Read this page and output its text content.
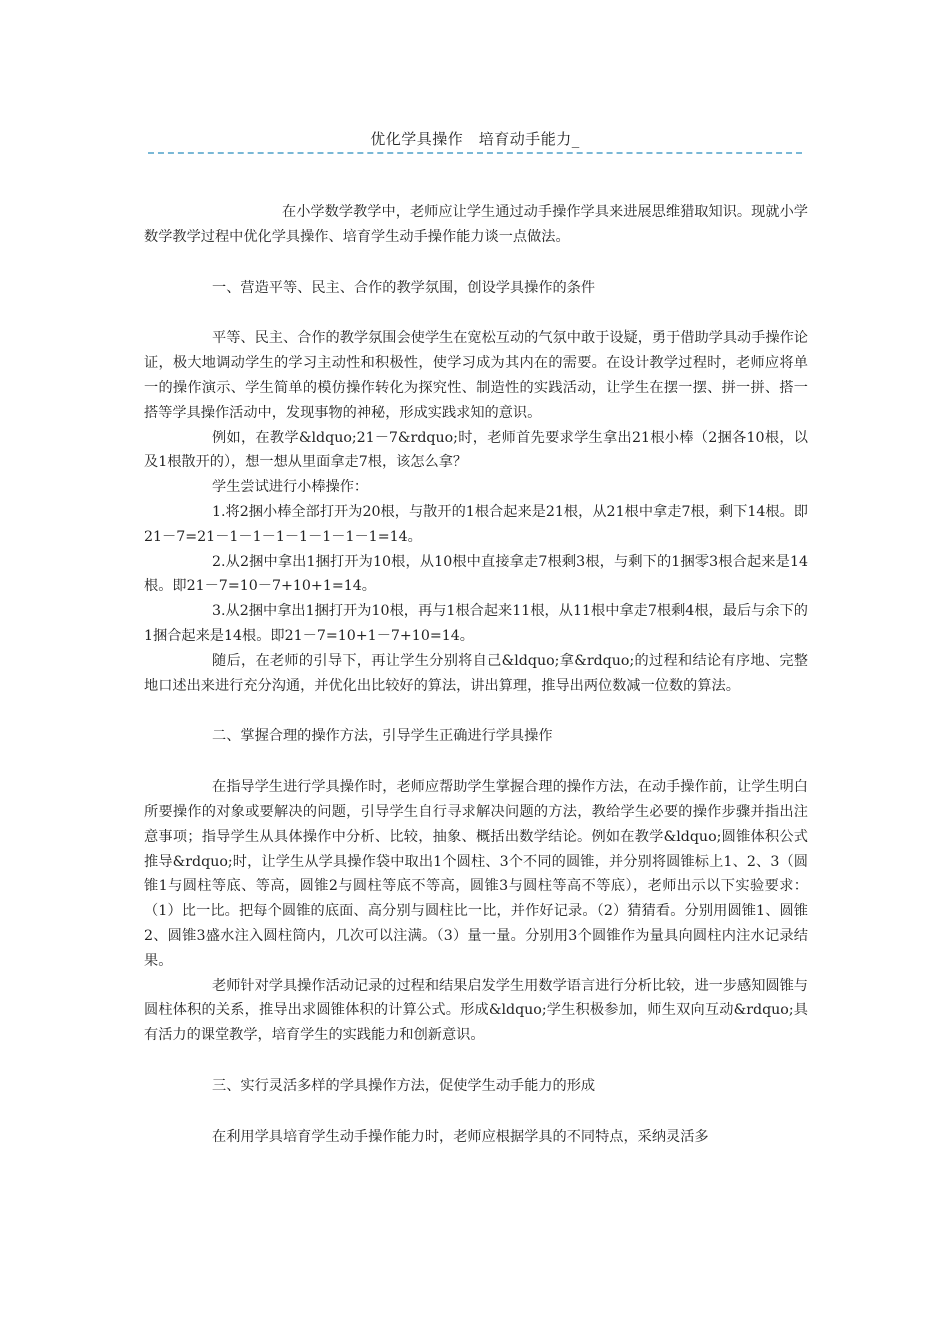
优化学具操作　培育动手能力_

在小学数学教学中，老师应让学生通过动手操作学具来进展思维猎取知识。现就小学数学教学过程中优化学具操作、培育学生动手操作能力谈一点做法。

一、营造平等、民主、合作的教学氛围，创设学具操作的条件

平等、民主、合作的教学氛围会使学生在宽松互动的气氛中敢于设疑，勇于借助学具动手操作论证，极大地调动学生的学习主动性和积极性，使学习成为其内在的需要。在设计教学过程时，老师应将单一的操作演示、学生简单的模仿操作转化为探究性、制造性的实践活动，让学生在摆一摆、拼一拼、搭一搭等学具操作活动中，发现事物的神秘，形成实践求知的意识。

例如，在教学&ldquo;21－7&rdquo;时，老师首先要求学生拿出21根小棒（2捆各10根，以及1根散开的），想一想从里面拿走7根，该怎么拿？

学生尝试进行小棒操作：

1.将2捆小棒全部打开为20根，与散开的1根合起来是21根，从21根中拿走7根，剩下14根。即21－7=21－1－1－1－1－1－1－1=14。

2.从2捆中拿出1捆打开为10根，从10根中直接拿走7根剩3根，与剩下的1捆零3根合起来是14根。即21－7=10－7+10+1=14。

3.从2捆中拿出1捆打开为10根，再与1根合起来11根，从11根中拿走7根剩4根，最后与余下的1捆合起来是14根。即21－7=10+1－7+10=14。

随后，在老师的引导下，再让学生分别将自己&ldquo;拿&rdquo;的过程和结论有序地、完整地口述出来进行充分沟通，并优化出比较好的算法，讲出算理，推导出两位数减一位数的算法。

二、掌握合理的操作方法，引导学生正确进行学具操作

在指导学生进行学具操作时，老师应帮助学生掌握合理的操作方法，在动手操作前，让学生明白所要操作的对象或要解决的问题，引导学生自行寻求解决问题的方法，教给学生必要的操作步骤并指出注意事项；指导学生从具体操作中分析、比较，抽象、概括出数学结论。例如在教学&ldquo;圆锥体积公式推导&rdquo;时，让学生从学具操作袋中取出1个圆柱、3个不同的圆锥，并分别将圆锥标上1、2、3（圆锥1与圆柱等底、等高，圆锥2与圆柱等底不等高，圆锥3与圆柱等高不等底），老师出示以下实验要求：（1）比一比。把每个圆锥的底面、高分别与圆柱比一比，并作好记录。（2）猜猜看。分别用圆锥1、圆锥2、圆锥3盛水注入圆柱筒内，几次可以注满。（3）量一量。分别用3个圆锥作为量具向圆柱内注水记录结果。

老师针对学具操作活动记录的过程和结果启发学生用数学语言进行分析比较，进一步感知圆锥与圆柱体积的关系，推导出求圆锥体积的计算公式。形成&ldquo;学生积极参加，师生双向互动&rdquo;具有活力的课堂教学，培育学生的实践能力和创新意识。

三、实行灵活多样的学具操作方法，促使学生动手能力的形成

在利用学具培育学生动手操作能力时，老师应根据学具的不同特点，采纳灵活多
